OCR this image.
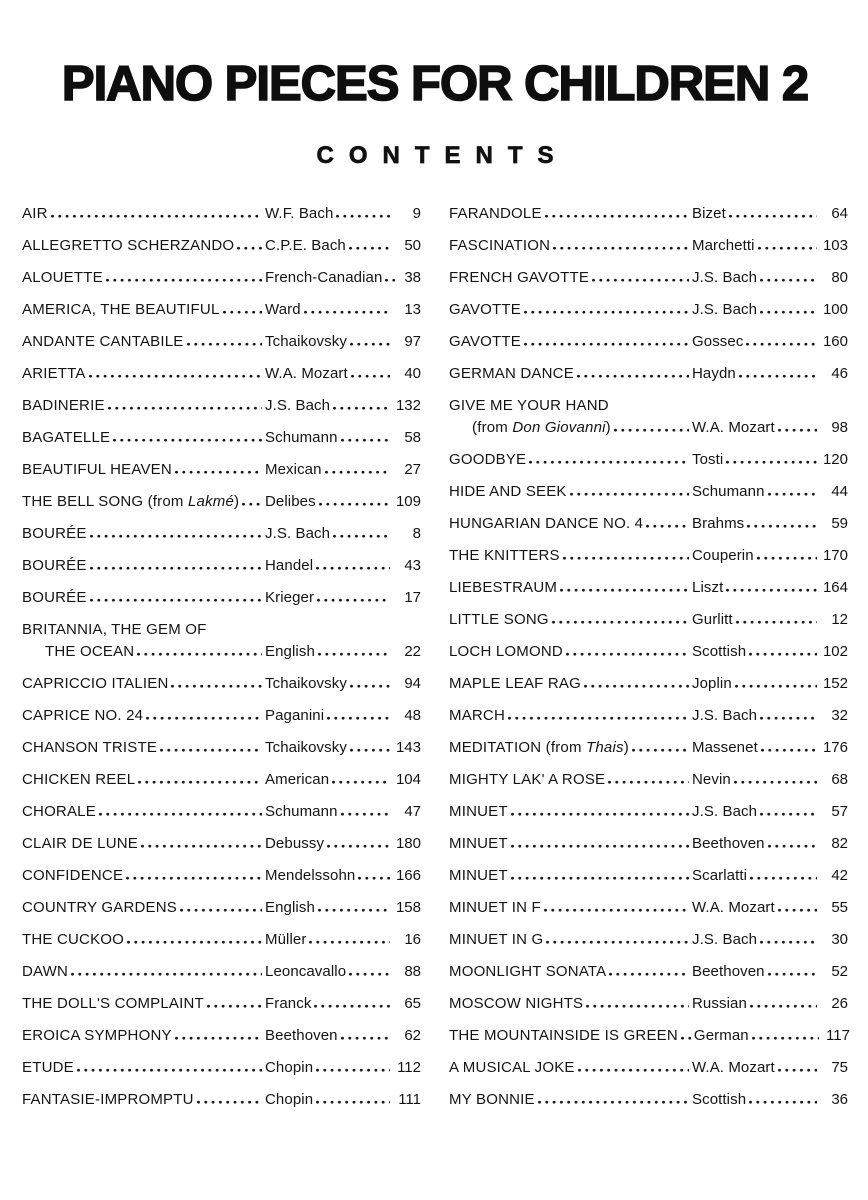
PIANO PIECES FOR CHILDREN 2
CONTENTS
AIR	W.F. Bach	9
ALLEGRETTO SCHERZANDO C.P.E. Bach	50
ALOUETTE	French-Canadian	38
AMERICA, THE BEAUTIFUL	Ward	13
ANDANTE CANTABILE	Tchaikovsky	97
ARIETTA	W.A. Mozart	40
BADINERIE	J.S. Bach	132
BAGATELLE	Schumann	58
BEAUTIFUL HEAVEN	Mexican	27
THE BELL SONG (from Lakmé) Delibes	109
BOURÉE	J.S. Bach	8
BOURÉE	Handel	43
BOURÉE	Krieger	17
BRITANNIA, THE GEM OF
THE OCEAN	English	22
CAPRICCIO ITALIEN	Tchaikovsky	94
CAPRICE NO. 24	Paganini	48
CHANSON TRISTE	Tchaikovsky	143
CHICKEN REEL	American	104
CHORALE	Schumann	47
CLAIR DE LUNE	Debussy	180
CONFIDENCE	Mendelssohn	166
COUNTRY GARDENS	English	158
THE CUCKOO	Müller	16
DAWN	Leoncavallo	88
THE DOLL'S COMPLAINT	Franck	65
EROICA SYMPHONY	Beethoven	62
ETUDE	Chopin	112
FANTASIE-IMPROMPTU	Chopin	111
FARANDOLE	Bizet	64
FASCINATION	Marchetti	103
FRENCH GAVOTTE	J.S. Bach	80
GAVOTTE	J.S. Bach	100
GAVOTTE	Gossec	160
GERMAN DANCE	Haydn	46
GIVE ME YOUR HAND
(from Don Giovanni)	W.A. Mozart	98
GOODBYE	Tosti	120
HIDE AND SEEK	Schumann	44
HUNGARIAN DANCE NO. 4	Brahms	59
THE KNITTERS	Couperin	170
LIEBESTRAUM	Liszt	164
LITTLE SONG	Gurlitt	12
LOCH LOMOND	Scottish	102
MAPLE LEAF RAG	Joplin	152
MARCH	J.S. Bach	32
MEDITATION (from Thais)	Massenet	176
MIGHTY LAK' A ROSE	Nevin	68
MINUET	J.S. Bach	57
MINUET	Beethoven	82
MINUET	Scarlatti	42
MINUET IN F	W.A. Mozart	55
MINUET IN G	J.S. Bach	30
MOONLIGHT SONATA	Beethoven	52
MOSCOW NIGHTS	Russian	26
THE MOUNTAINSIDE IS GREEN German	117
A MUSICAL JOKE	W.A. Mozart	75
MY BONNIE	Scottish	36
